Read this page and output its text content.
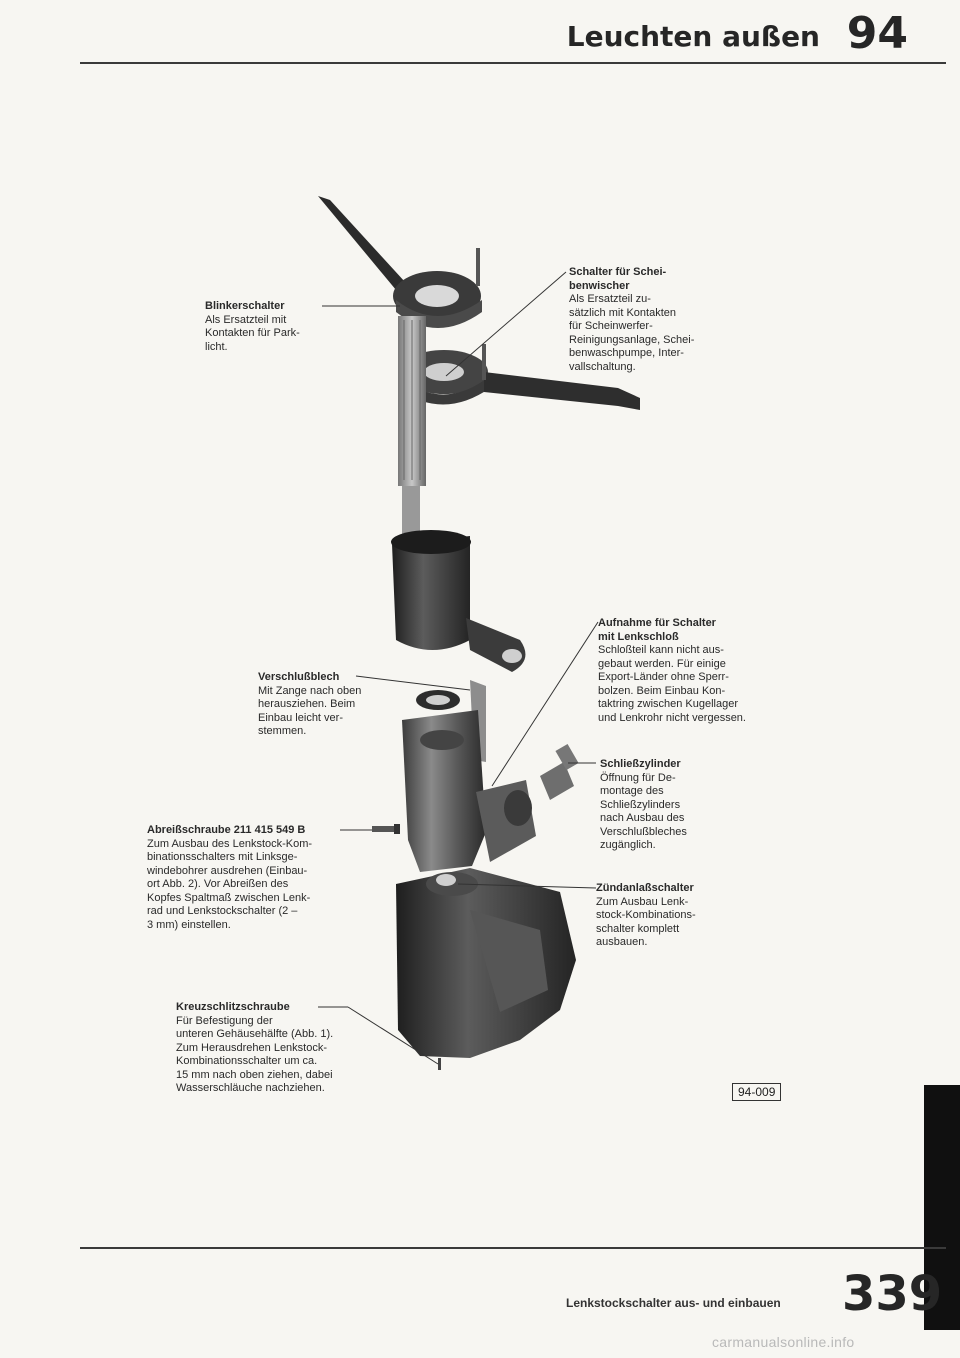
Leuchten außen 94
Blinkerschalter
Als Ersatzteil mit
Kontakten für Park-
licht.
Schalter für Schei-
benwischer
Als Ersatzteil zu-
sätzlich mit Kontakten
für Scheinwerfer-
Reinigungsanlage, Schei-
benwaschpumpe, Inter-
vallschaltung.
Aufnahme für Schalter
mit Lenkschloß
Schloßteil kann nicht aus-
gebaut werden. Für einige
Export-Länder ohne Sperr-
bolzen. Beim Einbau Kon-
taktring zwischen Kugellager
und Lenkrohr nicht vergessen.
Verschlußblech
Mit Zange nach oben
herausziehen. Beim
Einbau leicht ver-
stemmen.
Schließzylinder
Öffnung für De-
montage des
Schließzylinders
nach Ausbau des
Verschlußbleches
zugänglich.
Abreißschraube 211 415 549 B
Zum Ausbau des Lenkstock-Kom-
binationsschalters mit Linksge-
windebohrer ausdrehen (Einbau-
ort Abb. 2). Vor Abreißen des
Kopfes Spaltmaß zwischen Lenk-
rad und Lenkstockschalter (2 –
3 mm) einstellen.
Zündanlaßschalter
Zum Ausbau Lenk-
stock-Kombinations-
schalter komplett
ausbauen.
Kreuzschlitzschraube
Für Befestigung der
unteren Gehäusehälfte (Abb. 1).
Zum Herausdrehen Lenkstock-
Kombinationsschalter um ca.
15 mm nach oben ziehen, dabei
Wasserschläuche nachziehen.	94-009
Lenkstockschalter aus- und einbauen 339
carmanualsonline.info
